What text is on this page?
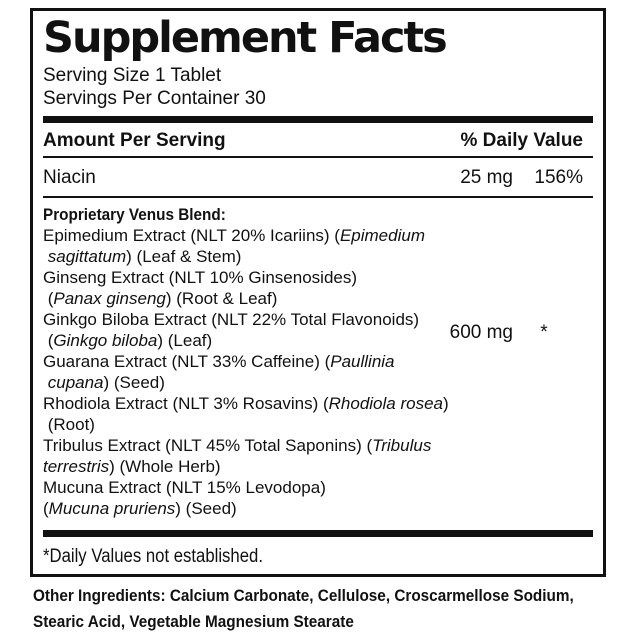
Supplement Facts
Serving Size 1 Tablet
Servings Per Container 30
Amount Per Serving	% Daily Value
Niacin	25 mg	156%
Proprietary Venus Blend:
Epimedium Extract (NLT 20% Icariins) (Epimedium
sagittatum) (Leaf & Stem)
Ginseng Extract (NLT 10% Ginsenosides)
(Panax ginseng) (Root & Leaf)
Ginkgo Biloba Extract (NLT 22% Total Flavonoids)
(Ginkgo biloba) (Leaf)
Guarana Extract (NLT 33% Caffeine) (Paullinia
cupana) (Seed)
Rhodiola Extract (NLT 3% Rosavins) (Rhodiola rosea)
(Root)
Tribulus Extract (NLT 45% Total Saponins) (Tribulus
terrestris) (Whole Herb)
Mucuna Extract (NLT 15% Levodopa)
(Mucuna pruriens) (Seed)
600 mg	*
*Daily Values not established.
Other Ingredients: Calcium Carbonate, Cellulose, Croscarmellose Sodium,
Stearic Acid, Vegetable Magnesium Stearate
